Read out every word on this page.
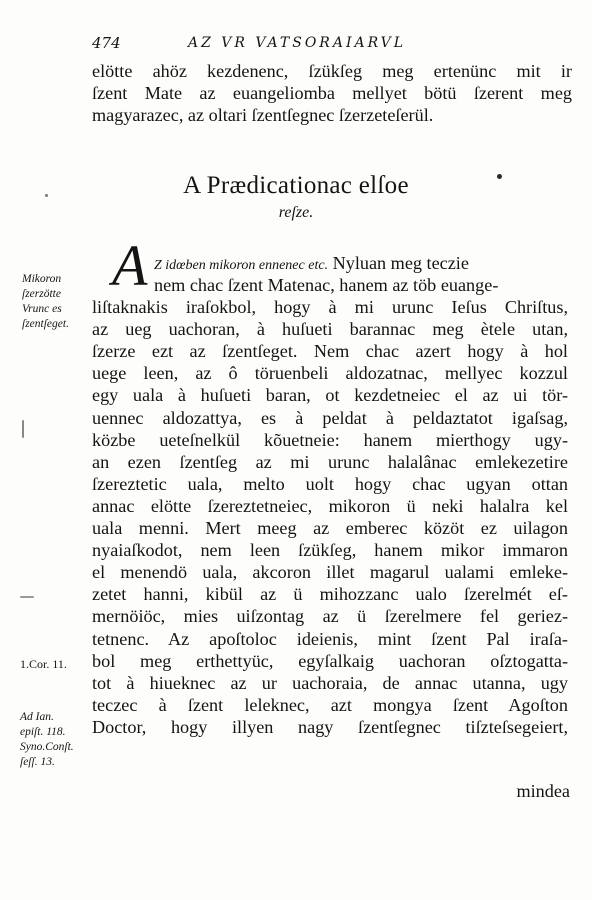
474	AZ VR VATSORAIARVL
elötte ahöz kezdenenc, ſzükſeg meg ertenünc mit ir
ſzent Mate az euangeliomba mellyet bötü ſzerent meg
magyarazec, az oltari ſzentſegnec ſzerzeteſerül.
A Prædicationac elſoe
reſze.
A Z idœben mikoron ennenec etc. Nyluan meg teczie
nem chac ſzent Matenac, hanem az töb euange-
liſtaknakis iraſokbol, hogy à mi urunc Ieſus Chriſtus,
az ueg uachoran, à huſueti barannac meg ètele utan,
ſzerze ezt az ſzentſeget. Nem chac azert hogy à hol
uege leen, az ô töruenbeli aldozatnac, mellyec kozzul
egy uala à huſueti baran, ot kezdetneiec el az ui tör-
uennec aldozattya, es à peldat à peldaztatot igaſsag,
közbe ueteſnelkül kõuetneie: hanem mierthogy ugy-
an ezen ſzentſeg az mi urunc halalânac emlekezetire
ſzereztetic uala, melto uolt hogy chac ugyan ottan
annac elötte ſzereztetneiec, mikoron ü neki halalra kel
uala menni. Mert meeg az emberec közöt ez uilagon
nyaiaſkodot, nem leen ſzükſeg, hanem mikor immaron
el menendö uala, akcoron illet magarul ualami emleke-
zetet hanni, kibül az ü mihozzanc ualo ſzerelmét eſ-
mernöiöc, mies uiſzontag az ü ſzerelmere fel geriez-
tetnenc. Az apoſtoloc ideienis, mint ſzent Pal iraſa-
bol meg erthettyüc, egyſalkaig uachoran oſztogatta-
tot à hiueknec az ur uachoraia, de annac utanna, ugy
teczec à ſzent leleknec, azt mongya ſzent Agoſton
Doctor, hogy illyen nagy ſzentſegnec tiſzteſsegeiert,
mindea
Mikoron
ſzerzötte
Vrunc es
ſzentſeget.
1.Cor. 11.
Ad Ian.
epiſt. 118.
Syno.Conſt.
ſeſſ. 13.
